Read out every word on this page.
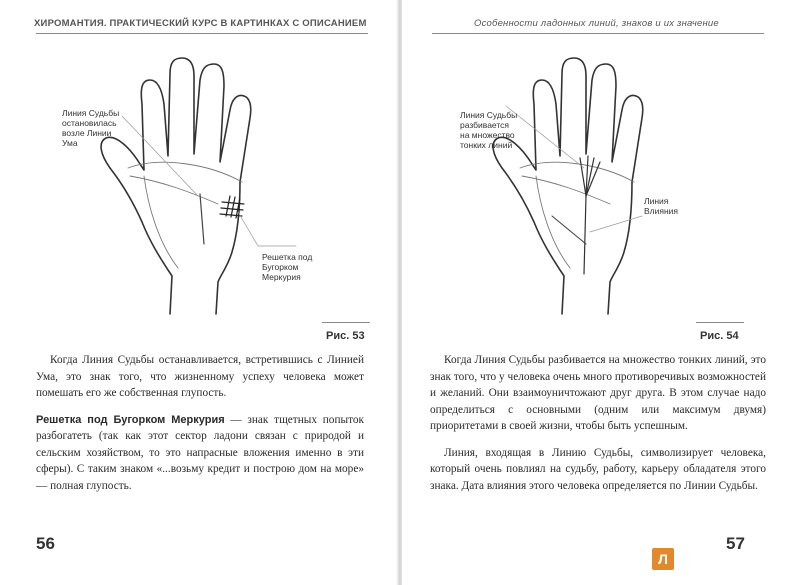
ХИРОМАНТИЯ. ПРАКТИЧЕСКИЙ КУРС В КАРТИНКАХ С ОПИСАНИЕМ
Линия Судьбы
остановилась
возле Линии
Ума
Решетка под
Бугорком
Меркурия
Рис. 53

Когда Линия Судьбы останавливается, встретившись с Линией Ума, это знак того, что жизненному успеху человека может помешать его же собственная глупость.

Решетка под Бугорком Меркурия — знак тщетных попыток разбогатеть (так как этот сектор ладони связан с природой и сельским хозяйством, то это напрасные вложения именно в эти сферы). С таким знаком «...возьму кредит и построю дом на море» — полная глупость.

56
Особенности ладонных линий, знаков и их значение
Линия Судьбы
разбивается
на множество
тонких линий
Линия
Влияния
Рис. 54

Когда Линия Судьбы разбивается на множество тонких линий, это знак того, что у человека очень много противоречивых возможностей и желаний. Они взаимоуничтожают друг друга. В этом случае надо определиться с основными (одним или максимум двумя) приоритетами в своей жизни, чтобы быть успешным.

Линия, входящая в Линию Судьбы, символизирует человека, который очень повлиял на судьбу, работу, карьеру обладателя этого знака. Дата влияния этого человека определяется по Линии Судьбы.

57
Л
